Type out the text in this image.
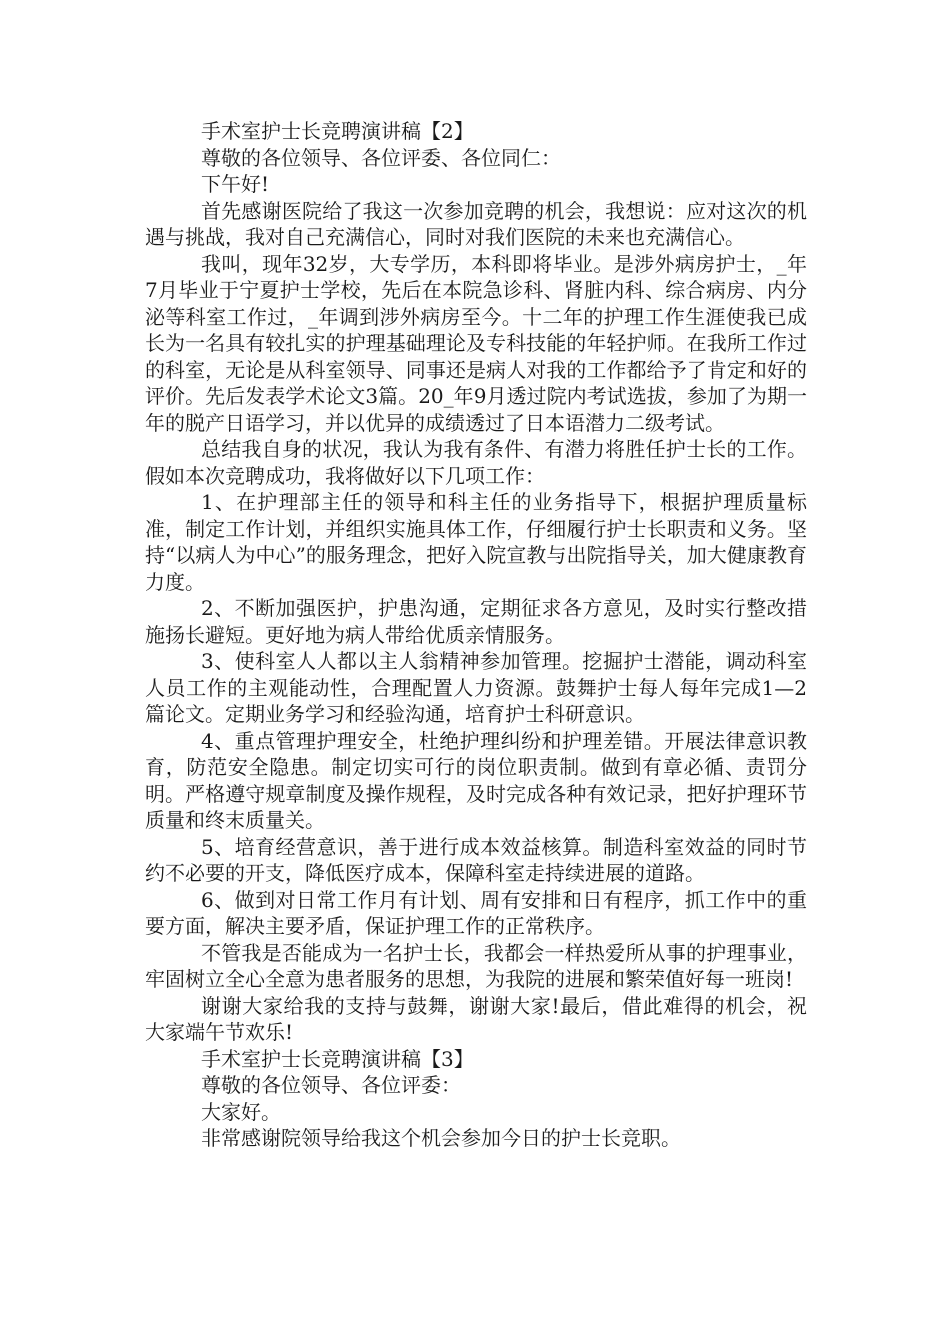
手术室护士长竞聘演讲稿【2】

尊敬的各位领导、各位评委、各位同仁：

下午好!

首先感谢医院给了我这一次参加竞聘的机会，我想说：应对这次的机遇与挑战，我对自己充满信心，同时对我们医院的未来也充满信心。

我叫，现年32岁，大专学历，本科即将毕业。是涉外病房护士，_年7月毕业于宁夏护士学校，先后在本院急诊科、肾脏内科、综合病房、内分泌等科室工作过，_年调到涉外病房至今。十二年的护理工作生涯使我已成长为一名具有较扎实的护理基础理论及专科技能的年轻护师。在我所工作过的科室，无论是从科室领导、同事还是病人对我的工作都给予了肯定和好的评价。先后发表学术论文3篇。20_年9月透过院内考试选拔，参加了为期一年的脱产日语学习，并以优异的成绩透过了日本语潜力二级考试。

总结我自身的状况，我认为我有条件、有潜力将胜任护士长的工作。假如本次竞聘成功，我将做好以下几项工作：

1、在护理部主任的领导和科主任的业务指导下，根据护理质量标准，制定工作计划，并组织实施具体工作，仔细履行护士长职责和义务。坚持“以病人为中心”的服务理念，把好入院宣教与出院指导关，加大健康教育力度。

2、不断加强医护，护患沟通，定期征求各方意见，及时实行整改措施扬长避短。更好地为病人带给优质亲情服务。

3、使科室人人都以主人翁精神参加管理。挖掘护士潜能，调动科室人员工作的主观能动性，合理配置人力资源。鼓舞护士每人每年完成1—2篇论文。定期业务学习和经验沟通，培育护士科研意识。

4、重点管理护理安全，杜绝护理纠纷和护理差错。开展法律意识教育，防范安全隐患。制定切实可行的岗位职责制。做到有章必循、责罚分明。严格遵守规章制度及操作规程，及时完成各种有效记录，把好护理环节质量和终末质量关。

5、培育经营意识，善于进行成本效益核算。制造科室效益的同时节约不必要的开支，降低医疗成本，保障科室走持续进展的道路。

6、做到对日常工作月有计划、周有安排和日有程序，抓工作中的重要方面，解决主要矛盾，保证护理工作的正常秩序。

不管我是否能成为一名护士长，我都会一样热爱所从事的护理事业，牢固树立全心全意为患者服务的思想，为我院的进展和繁荣值好每一班岗!

谢谢大家给我的支持与鼓舞，谢谢大家!最后，借此难得的机会，祝大家端午节欢乐!

手术室护士长竞聘演讲稿【3】

尊敬的各位领导、各位评委：

大家好。

非常感谢院领导给我这个机会参加今日的护士长竞职。
